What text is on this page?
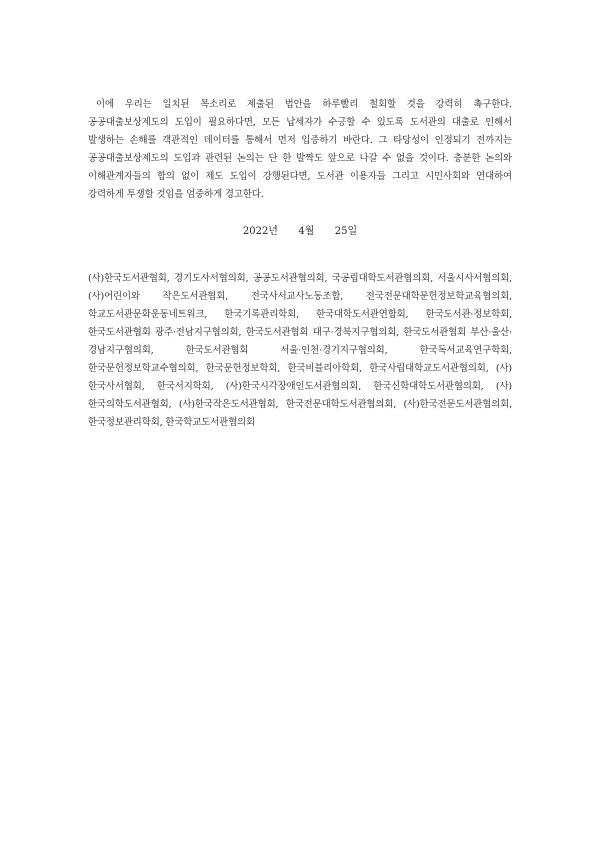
이에 우리는 일치된 목소리로 제출된 법안을 하루빨리 철회할 것을 강력히 촉구한다. 공공대출보상제도의 도입이 필요하다면, 모든 납세자가 수긍할 수 있도록 도서관의 대출로 인해서 발생하는 손해를 객관적인 데이터를 통해서 먼저 입증하기 바란다. 그 타당성이 인정되기 전까지는 공공대출보상제도의 도입과 관련된 논의는 단 한 발짝도 앞으로 나갈 수 없을 것이다. 충분한 논의와 이해관계자들의 합의 없이 제도 도입이 강행된다면, 도서관 이용자들 그리고 시민사회와 연대하여 강력하게 투쟁할 것임을 엄중하게 경고한다.

2022년 4월 25일

(사)한국도서관협회, 경기도사서협의회, 공공도서관협의회, 국공립대학도서관협의회, 서울시사서협의회, (사)어린이와 작은도서관협회, 전국사서교사노동조합, 전국전문대학문헌정보학교육협의회, 학교도서관문화운동네트워크, 한국기록관리학회, 한국대학도서관연합회, 한국도서관·정보학회, 한국도서관협회 광주·전남지구협의회, 한국도서관협회 대구·경북지구협의회, 한국도서관협회 부산·울산·경남지구협의회, 한국도서관협회 서울·인천·경기지구협의회, 한국독서교육연구학회, 한국문헌정보학교수협의회, 한국문헌정보학회, 한국비블리아학회, 한국사립대학교도서관협의회, (사)한국사서협회, 한국서지학회, (사)한국시각장애인도서관협의회, 한국신학대학도서관협의회, (사)한국의학도서관협회, (사)한국작은도서관협회, 한국전문대학도서관협의회, (사)한국전문도서관협의회, 한국정보관리학회, 한국학교도서관협의회
